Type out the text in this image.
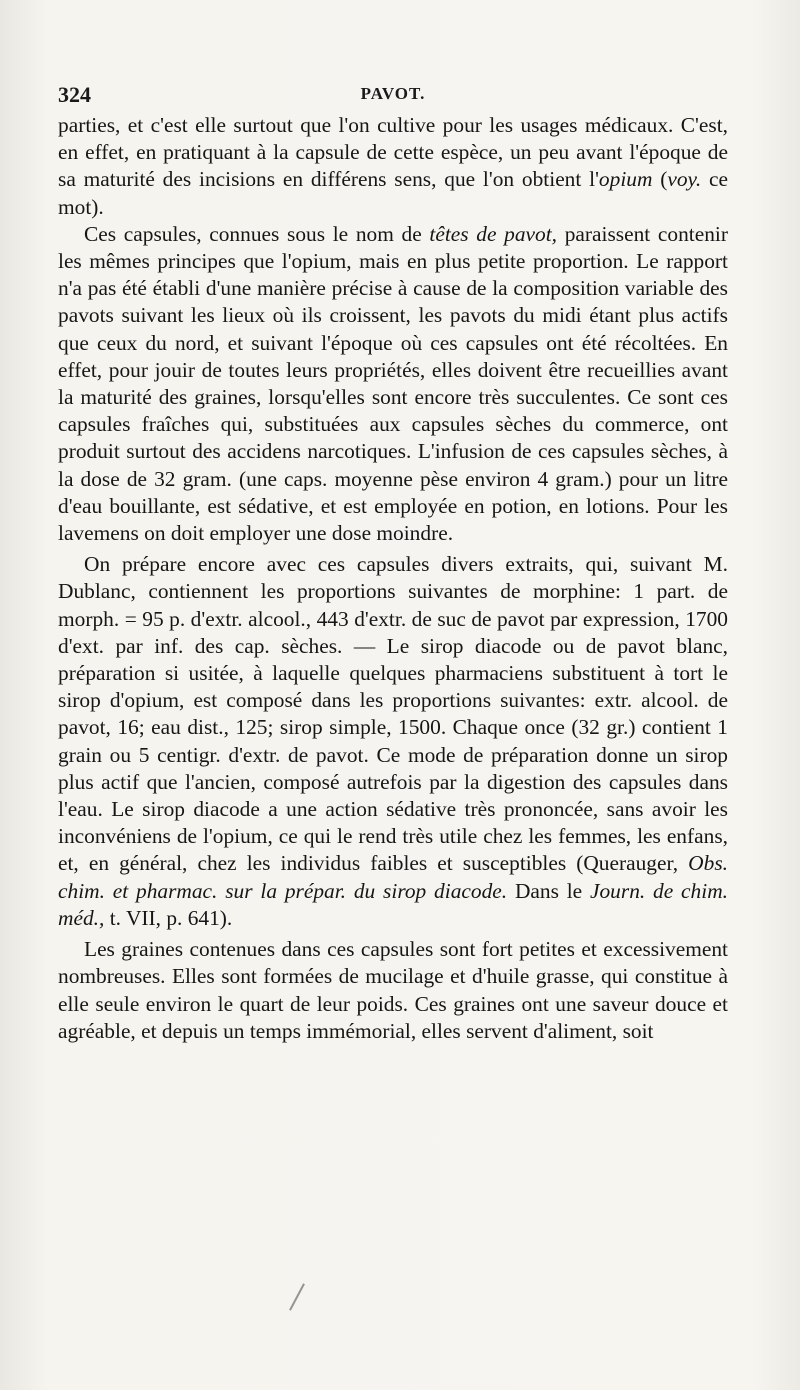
324	PAVOT.

parties, et c'est elle surtout que l'on cultive pour les usages médicaux. C'est, en effet, en pratiquant à la capsule de cette espèce, un peu avant l'époque de sa maturité des incisions en différens sens, que l'on obtient l'opium (voy. ce mot).

Ces capsules, connues sous le nom de têtes de pavot, paraissent contenir les mêmes principes que l'opium, mais en plus petite proportion. Le rapport n'a pas été établi d'une manière précise à cause de la composition variable des pavots suivant les lieux où ils croissent, les pavots du midi étant plus actifs que ceux du nord, et suivant l'époque où ces capsules ont été récoltées. En effet, pour jouir de toutes leurs propriétés, elles doivent être recueillies avant la maturité des graines, lorsqu'elles sont encore très succulentes. Ce sont ces capsules fraîches qui, substituées aux capsules sèches du commerce, ont produit surtout des accidens narcotiques. L'infusion de ces capsules sèches, à la dose de 32 gram. (une caps. moyenne pèse environ 4 gram.) pour un litre d'eau bouillante, est sédative, et est employée en potion, en lotions. Pour les lavemens on doit employer une dose moindre.

On prépare encore avec ces capsules divers extraits, qui, suivant M. Dublanc, contiennent les proportions suivantes de morphine: 1 part. de morph. = 95 p. d'extr. alcool., 443 d'extr. de suc de pavot par expression, 1700 d'ext. par inf. des cap. sèches. — Le sirop diacode ou de pavot blanc, préparation si usitée, à laquelle quelques pharmaciens substituent à tort le sirop d'opium, est composé dans les proportions suivantes: extr. alcool. de pavot, 16; eau dist., 125; sirop simple, 1500. Chaque once (32 gr.) contient 1 grain ou 5 centigr. d'extr. de pavot. Ce mode de préparation donne un sirop plus actif que l'ancien, composé autrefois par la digestion des capsules dans l'eau. Le sirop diacode a une action sédative très prononcée, sans avoir les inconvéniens de l'opium, ce qui le rend très utile chez les femmes, les enfans, et, en général, chez les individus faibles et susceptibles (Querauger, Obs. chim. et pharmac. sur la prépar. du sirop diacode. Dans le Journ. de chim. méd., t. VII, p. 641).

Les graines contenues dans ces capsules sont fort petites et excessivement nombreuses. Elles sont formées de mucilage et d'huile grasse, qui constitue à elle seule environ le quart de leur poids. Ces graines ont une saveur douce et agréable, et depuis un temps immémorial, elles servent d'aliment, soit
